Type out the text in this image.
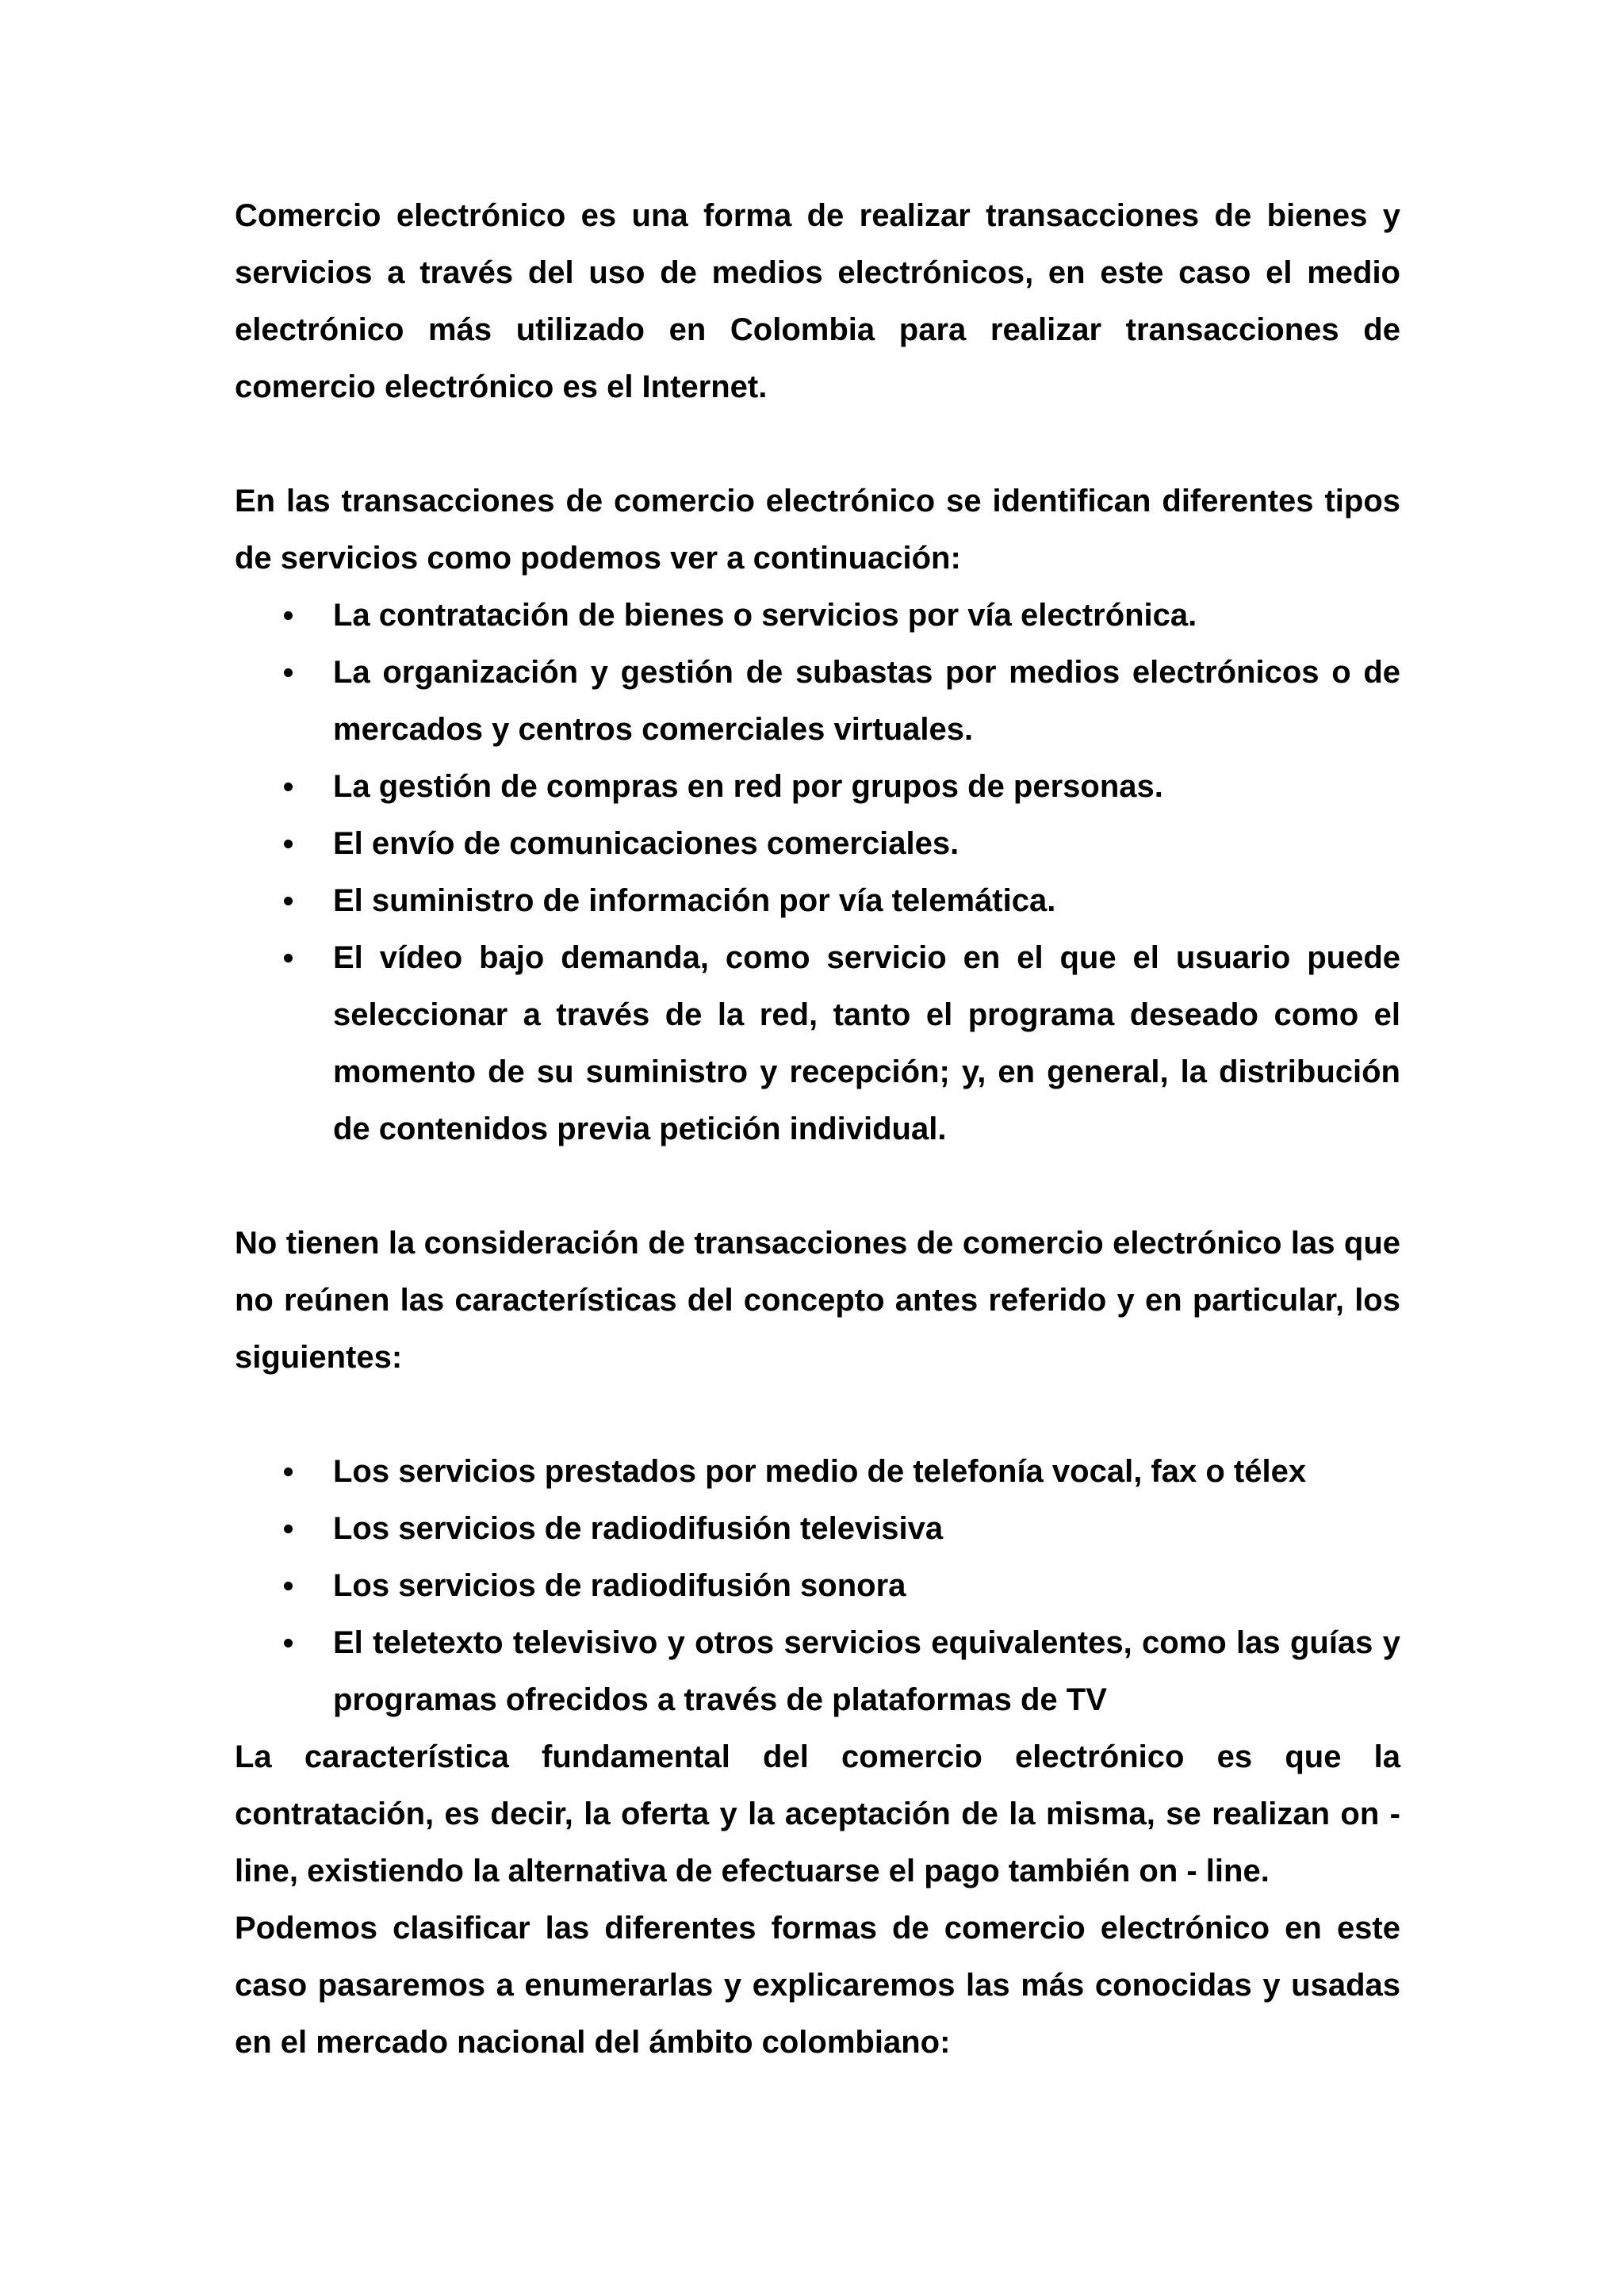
Comercio electrónico es una forma de realizar transacciones de bienes y servicios a través del uso de medios electrónicos, en este caso el medio electrónico más utilizado en Colombia para realizar transacciones de comercio electrónico es el Internet.

En las transacciones de comercio electrónico se identifican diferentes tipos de servicios como podemos ver a continuación:

La contratación de bienes o servicios por vía electrónica.
La organización y gestión de subastas por medios electrónicos o de mercados y centros comerciales virtuales.
La gestión de compras en red por grupos de personas.
El envío de comunicaciones comerciales.
El suministro de información por vía telemática.
El vídeo bajo demanda, como servicio en el que el usuario puede seleccionar a través de la red, tanto el programa deseado como el momento de su suministro y recepción; y, en general, la distribución de contenidos previa petición individual.

No tienen la consideración de transacciones de comercio electrónico las que no reúnen las características del concepto antes referido y en particular, los siguientes:

Los servicios prestados por medio de telefonía vocal, fax o télex
Los servicios de radiodifusión televisiva
Los servicios de radiodifusión sonora
El teletexto televisivo y otros servicios equivalentes, como las guías y programas ofrecidos a través de plataformas de TV

La característica fundamental del comercio electrónico es que la contratación, es decir, la oferta y la aceptación de la misma, se realizan on - line, existiendo la alternativa de efectuarse el pago también on - line.

Podemos clasificar las diferentes formas de comercio electrónico en este caso pasaremos a enumerarlas y explicaremos las más conocidas y usadas en el mercado nacional del ámbito colombiano:
